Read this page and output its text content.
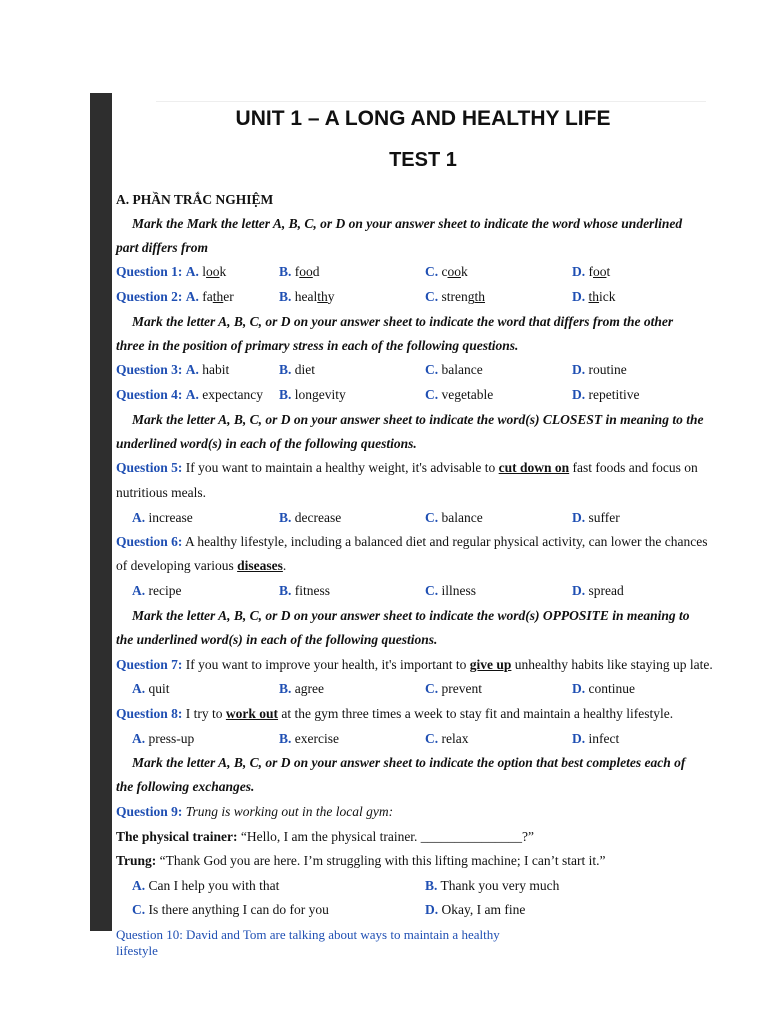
UNIT 1 – A LONG AND HEALTHY LIFE
TEST 1
A. PHẦN TRẮC NGHIỆM
Mark the Mark the letter A, B, C, or D on your answer sheet to indicate the word whose underlined
part differs from
Question 1: A. look	B. food	C. cook	D. foot
Question 2: A. father	B. healthy	C. strength	D. thick
Mark the letter A, B, C, or D on your answer sheet to indicate the word that differs from the other
three in the position of primary stress in each of the following questions.
Question 3: A. habit	B. diet	C. balance	D. routine
Question 4: A. expectancy B. longevity	C. vegetable	D. repetitive
Mark the letter A, B, C, or D on your answer sheet to indicate the word(s) CLOSEST in meaning to the
underlined word(s) in each of the following questions.
Question 5: If you want to maintain a healthy weight, it's advisable to cut down on fast foods and focus on
nutritious meals.
A. increase	B. decrease	C. balance	D. suffer
Question 6: A healthy lifestyle, including a balanced diet and regular physical activity, can lower the chances
of developing various diseases.
A. recipe	B. fitness	C. illness	D. spread
Mark the letter A, B, C, or D on your answer sheet to indicate the word(s) OPPOSITE in meaning to
the underlined word(s) in each of the following questions.
Question 7: If you want to improve your health, it's important to give up unhealthy habits like staying up late.
A. quit	B. agree	C. prevent	D. continue
Question 8: I try to work out at the gym three times a week to stay fit and maintain a healthy lifestyle.
A. press-up	B. exercise	C. relax	D. infect
Mark the letter A, B, C, or D on your answer sheet to indicate the option that best completes each of
the following exchanges.
Question 9: Trung is working out in the local gym:
The physical trainer: “Hello, I am the physical trainer. _______________?”
Trung: “Thank God you are here. I’m struggling with this lifting machine; I can’t start it.”
A. Can I help you with that	B. Thank you very much
C. Is there anything I can do for you	D. Okay, I am fine
Question 10: David and Tom are talking about ways to maintain a healthy lifestyle
